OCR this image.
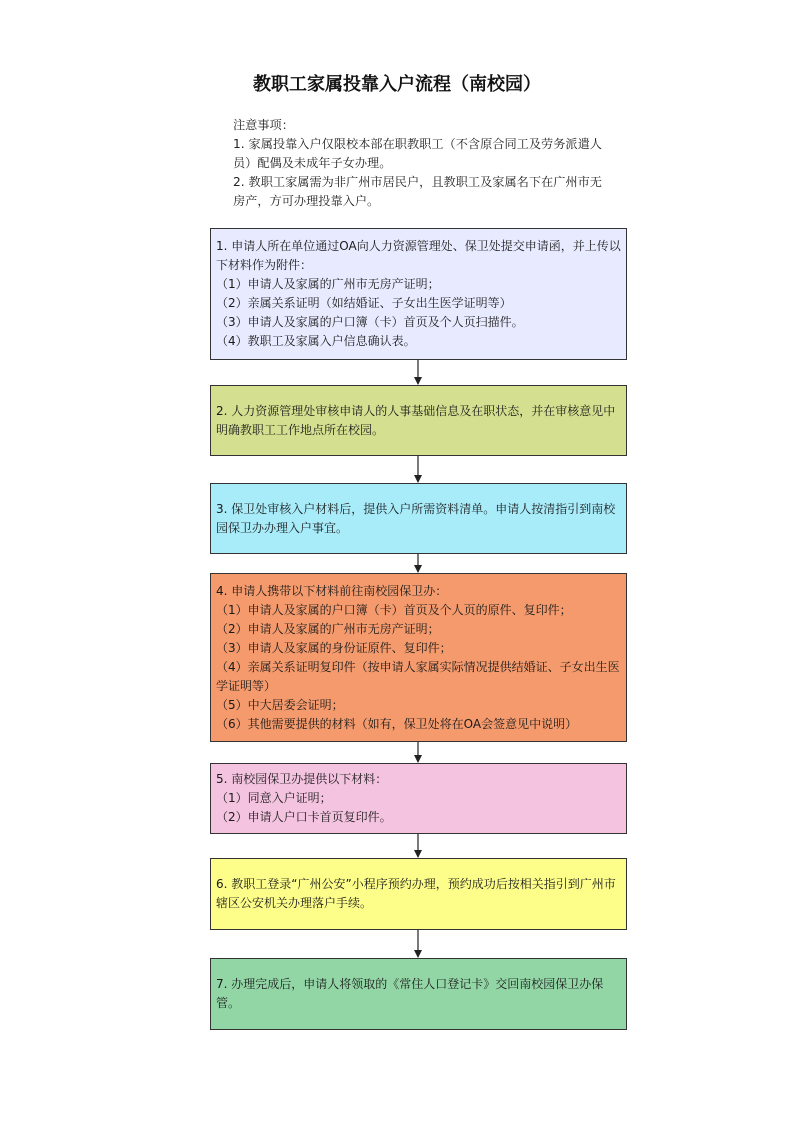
教职工家属投靠入户流程（南校园）
注意事项：
1. 家属投靠入户仅限校本部在职教职工（不含原合同工及劳务派遣人员）配偶及未成年子女办理。
2. 教职工家属需为非广州市居民户，且教职工及家属名下在广州市无房产，方可办理投靠入户。
1. 申请人所在单位通过OA向人力资源管理处、保卫处提交申请函，并上传以下材料作为附件：
（1）申请人及家属的广州市无房产证明；
（2）亲属关系证明（如结婚证、子女出生医学证明等）
（3）申请人及家属的户口簿（卡）首页及个人页扫描件。
（4）教职工及家属入户信息确认表。
2. 人力资源管理处审核申请人的人事基础信息及在职状态，并在审核意见中明确教职工工作地点所在校园。
3. 保卫处审核入户材料后，提供入户所需资料清单。申请人按清指引到南校园保卫办办理入户事宜。
4. 申请人携带以下材料前往南校园保卫办：
（1）申请人及家属的户口簿（卡）首页及个人页的原件、复印件；
（2）申请人及家属的广州市无房产证明；
（3）申请人及家属的身份证原件、复印件；
（4）亲属关系证明复印件（按申请人家属实际情况提供结婚证、子女出生医学证明等）
（5）中大居委会证明；
（6）其他需要提供的材料（如有，保卫处将在OA会签意见中说明）
5. 南校园保卫办提供以下材料：
（1）同意入户证明；
（2）申请人户口卡首页复印件。
6. 教职工登录“广州公安”小程序预约办理，预约成功后按相关指引到广州市辖区公安机关办理落户手续。
7. 办理完成后，申请人将领取的《常住人口登记卡》交回南校园保卫办保管。
